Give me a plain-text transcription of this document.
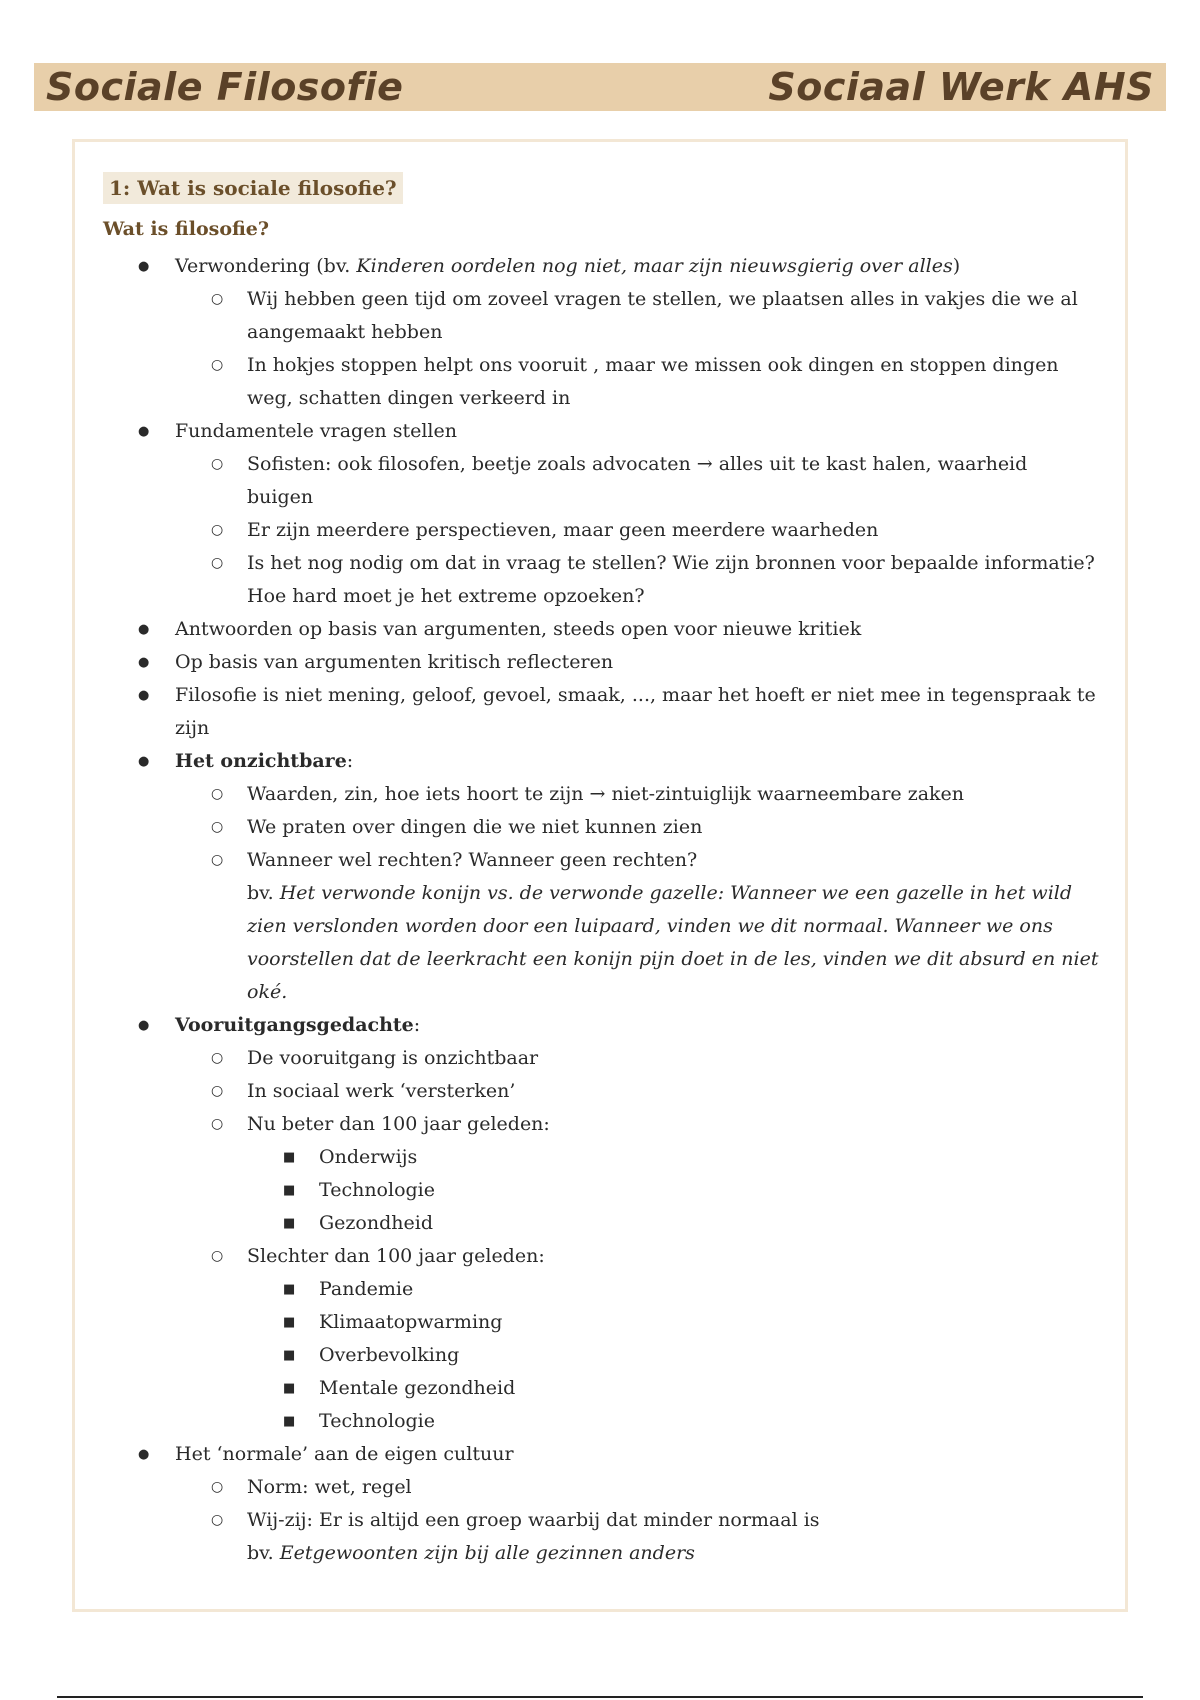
Sociale Filosofie	Sociaal Werk AHS
1: Wat is sociale filosofie?
Wat is filosofie?
● Verwondering (bv. Kinderen oordelen nog niet, maar zijn nieuwsgierig over alles)
○ Wij hebben geen tijd om zoveel vragen te stellen, we plaatsen alles in vakjes die we al aangemaakt hebben
○ In hokjes stoppen helpt ons vooruit , maar we missen ook dingen en stoppen dingen weg, schatten dingen verkeerd in
● Fundamentele vragen stellen
○ Sofisten: ook filosofen, beetje zoals advocaten → alles uit te kast halen, waarheid buigen
○ Er zijn meerdere perspectieven, maar geen meerdere waarheden
○ Is het nog nodig om dat in vraag te stellen? Wie zijn bronnen voor bepaalde informatie? Hoe hard moet je het extreme opzoeken?
● Antwoorden op basis van argumenten, steeds open voor nieuwe kritiek
● Op basis van argumenten kritisch reflecteren
● Filosofie is niet mening, geloof, gevoel, smaak, ..., maar het hoeft er niet mee in tegenspraak te zijn
● Het onzichtbare:
○ Waarden, zin, hoe iets hoort te zijn → niet-zintuiglijk waarneembare zaken
○ We praten over dingen die we niet kunnen zien
○ Wanneer wel rechten? Wanneer geen rechten?
bv. Het verwonde konijn vs. de verwonde gazelle: Wanneer we een gazelle in het wild zien verslonden worden door een luipaard, vinden we dit normaal. Wanneer we ons voorstellen dat de leerkracht een konijn pijn doet in de les, vinden we dit absurd en niet oké.
● Vooruitgangsgedachte:
○ De vooruitgang is onzichtbaar
○ In sociaal werk ‘versterken’
○ Nu beter dan 100 jaar geleden:
■ Onderwijs
■ Technologie
■ Gezondheid
○ Slechter dan 100 jaar geleden:
■ Pandemie
■ Klimaatopwarming
■ Overbevolking
■ Mentale gezondheid
■ Technologie
● Het ‘normale’ aan de eigen cultuur
○ Norm: wet, regel
○ Wij-zij: Er is altijd een groep waarbij dat minder normaal is
bv. Eetgewoonten zijn bij alle gezinnen anders
